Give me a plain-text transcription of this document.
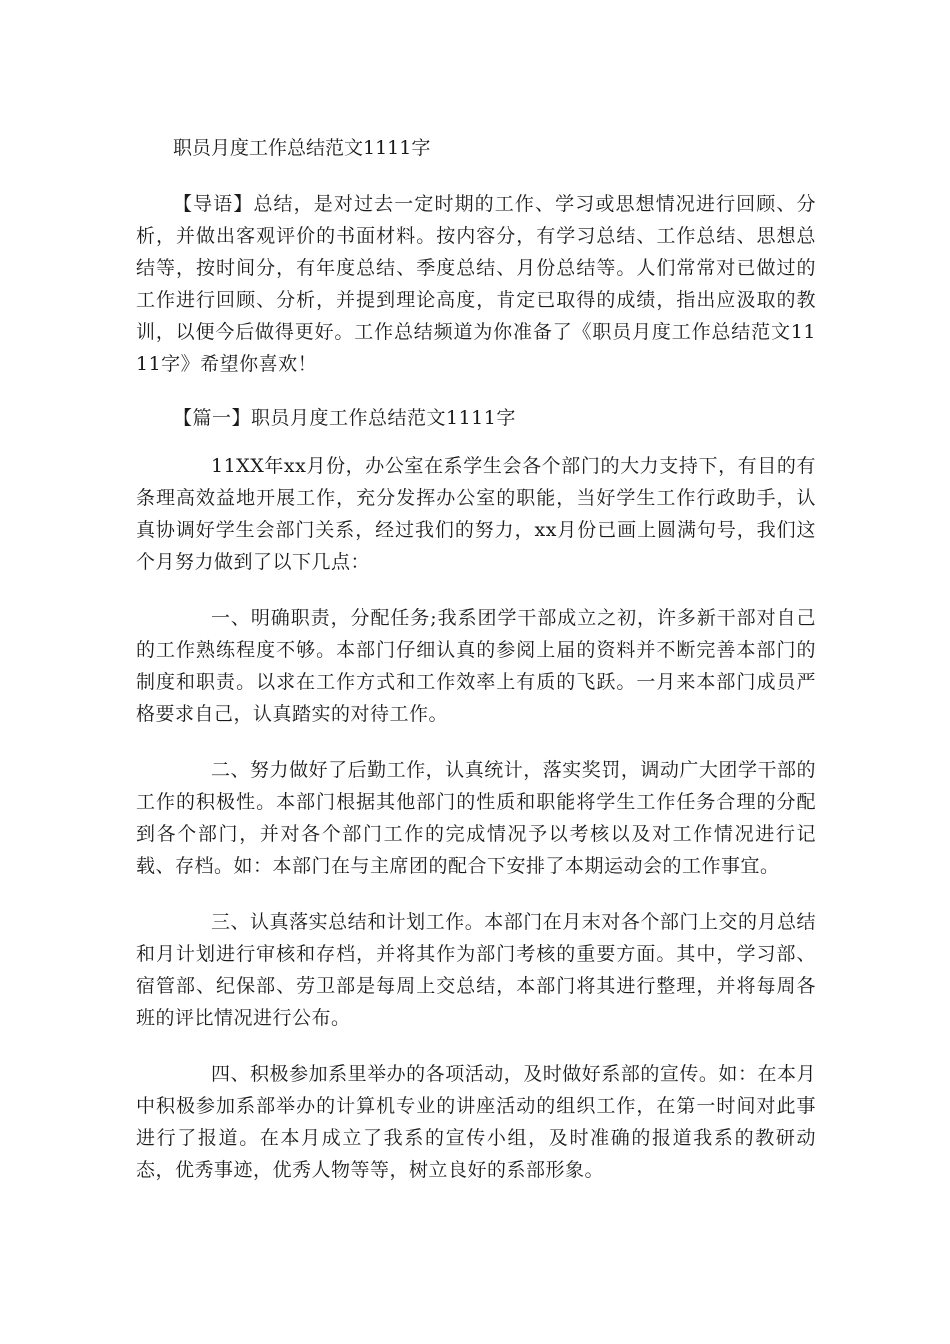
职员月度工作总结范文1111字

【导语】总结，是对过去一定时期的工作、学习或思想情况进行回顾、分析，并做出客观评价的书面材料。按内容分，有学习总结、工作总结、思想总结等，按时间分，有年度总结、季度总结、月份总结等。人们常常对已做过的工作进行回顾、分析，并提到理论高度，肯定已取得的成绩，指出应汲取的教训，以便今后做得更好。工作总结频道为你准备了《职员月度工作总结范文1111字》希望你喜欢！

【篇一】职员月度工作总结范文1111字

11XX年xx月份，办公室在系学生会各个部门的大力支持下，有目的有条理高效益地开展工作，充分发挥办公室的职能，当好学生工作行政助手，认真协调好学生会部门关系，经过我们的努力，xx月份已画上圆满句号，我们这个月努力做到了以下几点：

一、明确职责，分配任务;我系团学干部成立之初，许多新干部对自己的工作熟练程度不够。本部门仔细认真的参阅上届的资料并不断完善本部门的制度和职责。以求在工作方式和工作效率上有质的飞跃。一月来本部门成员严格要求自己，认真踏实的对待工作。

二、努力做好了后勤工作，认真统计，落实奖罚，调动广大团学干部的工作的积极性。本部门根据其他部门的性质和职能将学生工作任务合理的分配到各个部门，并对各个部门工作的完成情况予以考核以及对工作情况进行记载、存档。如：本部门在与主席团的配合下安排了本期运动会的工作事宜。

三、认真落实总结和计划工作。本部门在月末对各个部门上交的月总结和月计划进行审核和存档，并将其作为部门考核的重要方面。其中，学习部、宿管部、纪保部、劳卫部是每周上交总结，本部门将其进行整理，并将每周各班的评比情况进行公布。

四、积极参加系里举办的各项活动，及时做好系部的宣传。如：在本月中积极参加系部举办的计算机专业的讲座活动的组织工作，在第一时间对此事进行了报道。在本月成立了我系的宣传小组，及时准确的报道我系的教研动态，优秀事迹，优秀人物等等，树立良好的系部形象。
